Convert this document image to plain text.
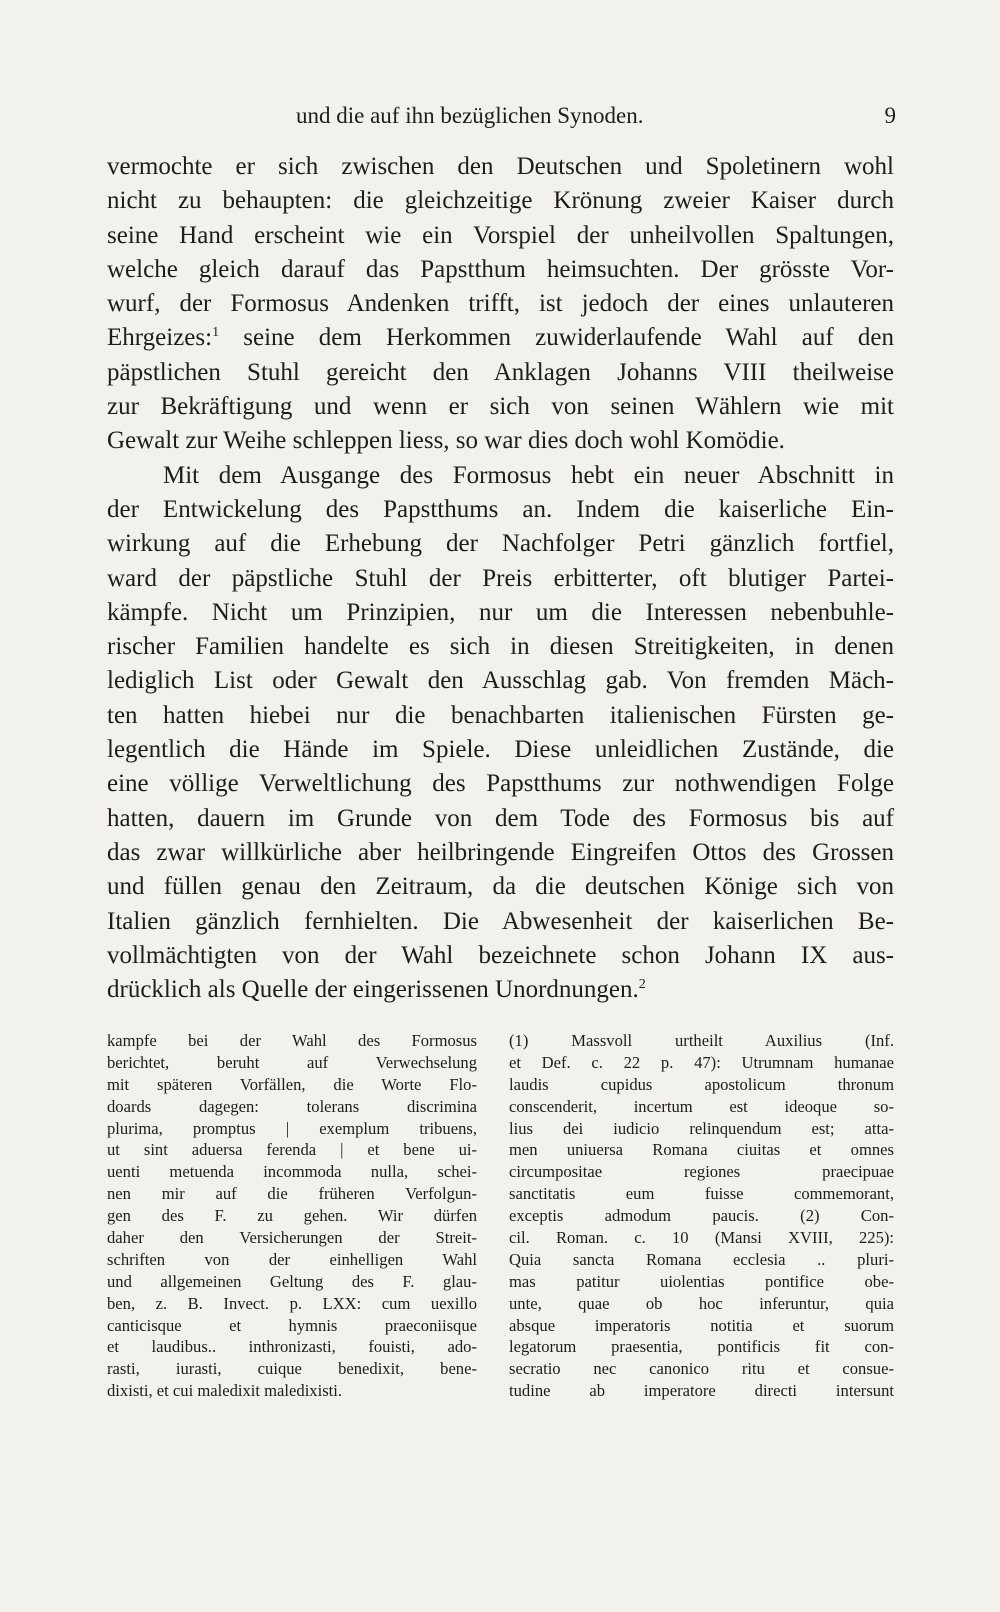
und die auf ihn bezüglichen Synoden.	9
vermochte er sich zwischen den Deutschen und Spoletinern wohl
nicht zu behaupten: die gleichzeitige Krönung zweier Kaiser durch
seine Hand erscheint wie ein Vorspiel der unheilvollen Spaltungen,
welche gleich darauf das Papstthum heimsuchten. Der grösste Vor-
wurf, der Formosus Andenken trifft, ist jedoch der eines unlauteren
Ehrgeizes:$^1$ seine dem Herkommen zuwiderlaufende Wahl auf den
päpstlichen Stuhl gereicht den Anklagen Johanns VIII theilweise
zur Bekräftigung und wenn er sich von seinen Wählern wie mit
Gewalt zur Weihe schleppen liess, so war dies doch wohl Komödie.
Mit dem Ausgange des Formosus hebt ein neuer Abschnitt in
der Entwickelung des Papstthums an. Indem die kaiserliche Ein-
wirkung auf die Erhebung der Nachfolger Petri gänzlich fortfiel,
ward der päpstliche Stuhl der Preis erbitterter, oft blutiger Partei-
kämpfe. Nicht um Prinzipien, nur um die Interessen nebenbuhle-
rischer Familien handelte es sich in diesen Streitigkeiten, in denen
lediglich List oder Gewalt den Ausschlag gab. Von fremden Mäch-
ten hatten hiebei nur die benachbarten italienischen Fürsten ge-
legentlich die Hände im Spiele. Diese unleidlichen Zustände, die
eine völlige Verweltlichung des Papstthums zur nothwendigen Folge
hatten, dauern im Grunde von dem Tode des Formosus bis auf
das zwar willkürliche aber heilbringende Eingreifen Ottos des Grossen
und füllen genau den Zeitraum, da die deutschen Könige sich von
Italien gänzlich fernhielten. Die Abwesenheit der kaiserlichen Be-
vollmächtigten von der Wahl bezeichnete schon Johann IX aus-
drücklich als Quelle der eingerissenen Unordnungen.$^2$
kampfe bei der Wahl des Formosus
berichtet, beruht auf Verwechselung
mit späteren Vorfällen, die Worte Flo-
doards dagegen: tolerans discrimina
plurima, promptus | exemplum tribuens,
ut sint aduersa ferenda | et bene ui-
uenti metuenda incommoda nulla, schei-
nen mir auf die früheren Verfolgun-
gen des F. zu gehen. Wir dürfen
daher den Versicherungen der Streit-
schriften von der einhelligen Wahl
und allgemeinen Geltung des F. glau-
ben, z. B. Invect. p. LXX: cum uexillo
canticisque et hymnis praeconiisque
et laudibus.. inthronizasti, fouisti, ado-
rasti, iurasti, cuique benedixit, bene-
dixisti, et cui maledixit maledixisti.
(1) Massvoll urtheilt Auxilius (Inf.
et Def. c. 22 p. 47): Utrumnam humanae
laudis cupidus apostolicum thronum
conscenderit, incertum est ideoque so-
lius dei iudicio relinquendum est; atta-
men uniuersa Romana ciuitas et omnes
circumpositae regiones praecipuae
sanctitatis eum fuisse commemorant,
exceptis admodum paucis. (2) Con-
cil. Roman. c. 10 (Mansi XVIII, 225):
Quia sancta Romana ecclesia .. pluri-
mas patitur uiolentias pontifice obe-
unte, quae ob hoc inferuntur, quia
absque imperatoris notitia et suorum
legatorum praesentia, pontificis fit con-
secratio nec canonico ritu et consue-
tudine ab imperatore directi intersunt
